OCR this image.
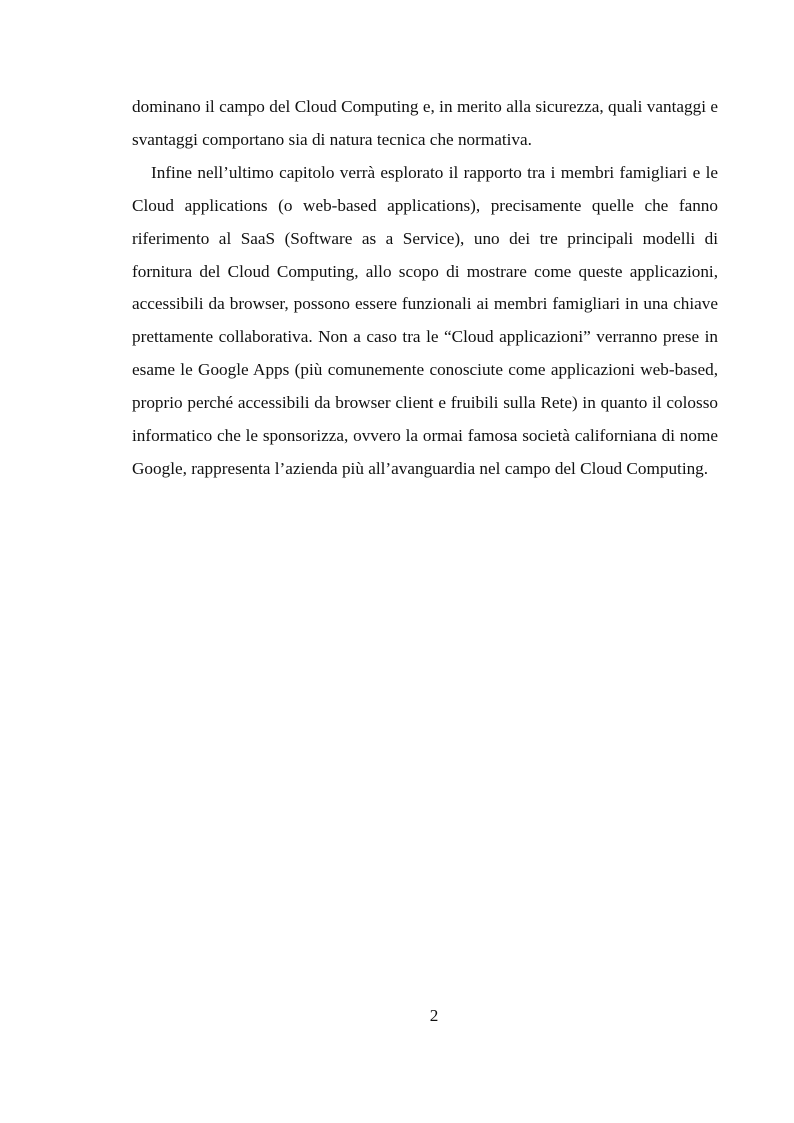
dominano il campo del Cloud Computing e, in merito alla sicurezza, quali vantaggi e svantaggi comportano sia di natura tecnica che normativa.

Infine nell’ultimo capitolo verrà esplorato il rapporto tra i membri famigliari e le Cloud applications (o web-based applications), precisamente quelle che fanno riferimento al SaaS (Software as a Service), uno dei tre principali modelli di fornitura del Cloud Computing, allo scopo di mostrare come queste applicazioni, accessibili da browser, possono essere funzionali ai membri famigliari in una chiave prettamente collaborativa. Non a caso tra le “Cloud applicazioni” verranno prese in esame le Google Apps (più comunemente conosciute come applicazioni web-based, proprio perché accessibili da browser client e fruibili sulla Rete) in quanto il colosso informatico che le sponsorizza, ovvero la ormai famosa società californiana di nome Google, rappresenta l’azienda più all’avanguardia nel campo del Cloud Computing.

2
